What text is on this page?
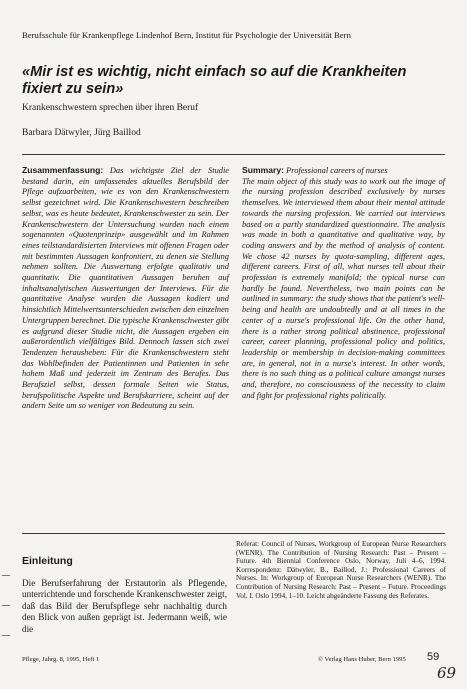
Berufsschule für Krankenpflege Lindenhof Bern, Institut für Psychologie der Universität Bern
«Mir ist es wichtig, nicht einfach so auf die Krankheiten fixiert zu sein»
Krankenschwestern sprechen über ihren Beruf
Barbara Dätwyler, Jürg Baillod

Zusammenfassung: Das wichtigste Ziel der Studie bestand darin, ein umfassendes aktuelles Berufsbild der Pflege aufzuarbeiten, wie es von den Krankenschwestern selbst gezeichnet wird. Die Krankenschwestern beschreiben selbst, was es heute bedeutet, Krankenschwester zu sein. Der Krankenschwestern der Untersuchung wurden nach einem sogenannten «Quotenprinzip» ausgewählt und im Rahmen eines teilstandardisierten Interviews mit offenen Fragen oder mit bestimmten Aussagen konfrontiert, zu denen sie Stellung nehmen sollten. Die Auswertung erfolgte qualitativ und quantitativ. Die quantitativen Aussagen beruhen auf inhaltsanalytischen Auswertungen der Interviews. Für die quantitative Analyse wurden die Aussagen kodiert und hinsichtlich Mittelwertsunterschieden zwischen den einzelnen Untergruppen berechnet. Die typische Krankenschwester gibt es aufgrund dieser Studie nicht, die Aussagen ergeben ein außerordentlich vielfältiges Bild. Dennoch lassen sich zwei Tendenzen herausheben: Für die Krankenschwestern steht das Wohlbefinden der Patientinnen und Patienten in sehr hohem Maß und jederzeit im Zentrum des Berufes. Das Berufsziel selbst, dessen formale Seiten wie Status, berufspolitische Aspekte und Berufskarriere, scheint auf der andern Seite um so weniger von Bedeutung zu sein.

Summary: Professional careers of nurses

The main object of this study was to work out the image of the nursing profession described exclusively by nurses themselves. We interviewed them about their mental attitude towards the nursing profession. We carried out interviews based on a partly standardized questionnaire. The analysis was made in both a quantitative and qualitative way, by coding answers and by the method of analysis of content. We chose 42 nurses by quota-sampling, different ages, different careers. First of all, what nurses tell about their profession is extremely manifold; the typical nurse can hardly be found. Nevertheless, two main points can be outlined in summary: the study shows that the patient's well-being and health are undoubtedly and at all times in the center of a nurse's professional life. On the other hand, there is a rather strong political abstinence, professional career, career planning, professional policy and politics, leadership or membership in decision-making committees are, in general, not in a nurse's interest. In other words, there is no such thing as a political culture amongst nurses and, therefore, no consciousness of the necessity to claim and fight for professional rights politically.

Einleitung
Die Berufserfahrung der Erstautorin als Pflegende, unterrichtende und forschende Krankenschwester zeigt, daß das Bild der Berufspflege sehr nachhaltig durch den Blick von außen geprägt ist. Jedermann weiß, wie die
Referat: Council of Nurses, Workgroup of European Nurse Researchers (WENR). The Contribution of Nursing Research: Past – Present – Future. 4th Biennial Conference Oslo, Norway, Juli 4–6, 1994. Korrespondenz: Dätwyler, B., Baillod, J.: Professional Careers of Nurses. In: Workgroup of European Nurse Researchers (WENR). The Contribution of Nursing Research: Past – Present – Future. Proceedings Vol. I. Oslo 1994, 1–10. Leicht abgeänderte Fassung des Referates.
Pflege, Jahrg. 8, 1995, Heft 1	© Verlag Hans Huber, Bern 1995 59
69
